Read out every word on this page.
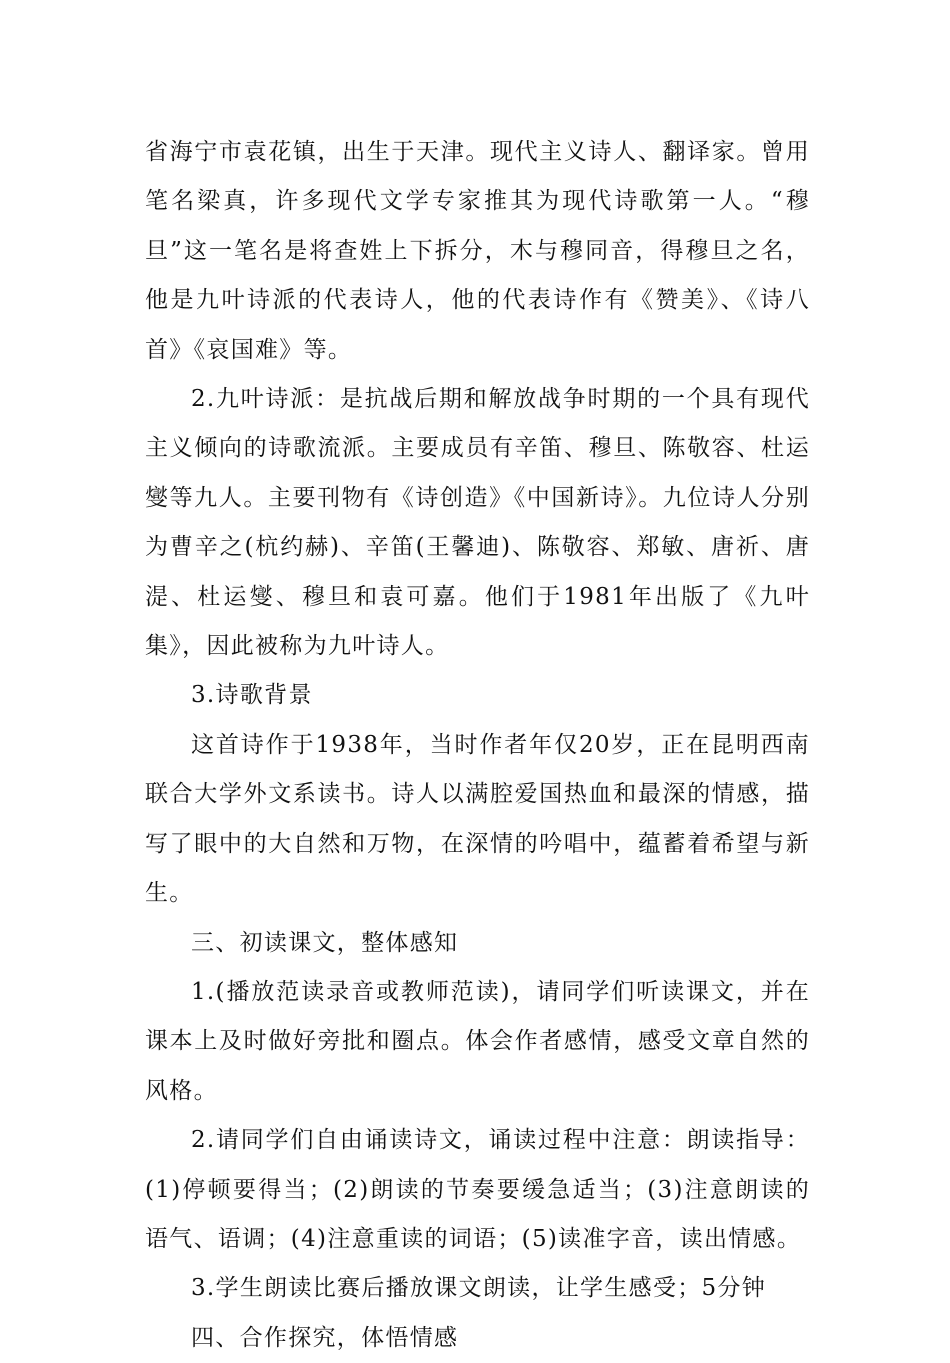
省海宁市袁花镇，出生于天津。现代主义诗人、翻译家。曾用笔名梁真，许多现代文学专家推其为现代诗歌第一人。“穆旦”这一笔名是将查姓上下拆分，木与穆同音，得穆旦之名，他是九叶诗派的代表诗人，他的代表诗作有《赞美》、《诗八首》《哀国难》等。

2.九叶诗派：是抗战后期和解放战争时期的一个具有现代主义倾向的诗歌流派。主要成员有辛笛、穆旦、陈敬容、杜运燮等九人。主要刊物有《诗创造》《中国新诗》。九位诗人分别为曹辛之(杭约赫)、辛笛(王馨迪)、陈敬容、郑敏、唐祈、唐湜、杜运燮、穆旦和袁可嘉。他们于1981年出版了《九叶集》，因此被称为九叶诗人。

3.诗歌背景

这首诗作于1938年，当时作者年仅20岁，正在昆明西南联合大学外文系读书。诗人以满腔爱国热血和最深的情感，描写了眼中的大自然和万物，在深情的吟唱中，蕴蓄着希望与新生。

三、初读课文，整体感知

1.(播放范读录音或教师范读)，请同学们听读课文，并在课本上及时做好旁批和圈点。体会作者感情，感受文章自然的风格。

2.请同学们自由诵读诗文，诵读过程中注意：朗读指导：(1)停顿要得当；(2)朗读的节奏要缓急适当；(3)注意朗读的语气、语调；(4)注意重读的词语；(5)读准字音，读出情感。

3.学生朗读比赛后播放课文朗读，让学生感受；5分钟

四、合作探究，体悟情感
